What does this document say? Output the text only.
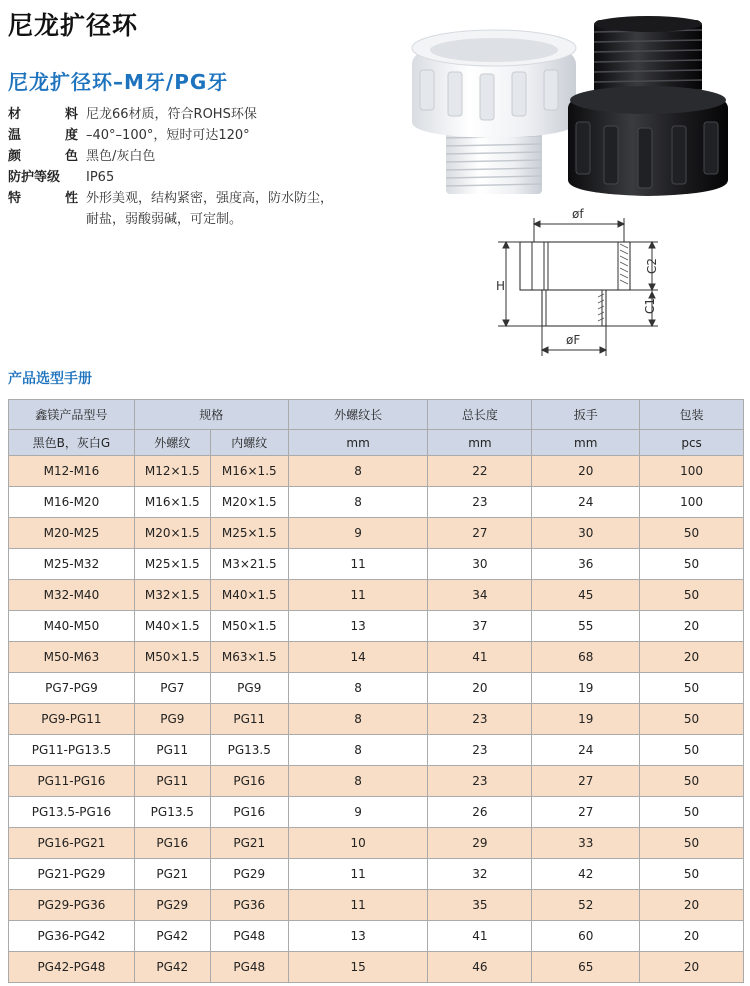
尼龙扩径环
尼龙扩径环–M牙/PG牙
材料 尼龙66材质，符合ROHS环保
温度 –40°–100°，短时可达120°
颜色 黑色/灰白色
防护等级	IP65
特性 外形美观，结构紧密，强度高，防水防尘，
耐盐，弱酸弱碱，可定制。	øf
H
C2
C1
øF
产品选型手册
鑫镁产品型号	规格		外螺纹长	总长度	扳手	包装
黑色B，灰白G	外螺纹	内螺纹	mm	mm	mm	pcs
M12-M16	M12×1.5	M16×1.5	8	22	20	100
M16-M20	M16×1.5	M20×1.5	8	23	24	100
M20-M25	M20×1.5	M25×1.5	9	27	30	50
M25-M32	M25×1.5	M3×21.5	11	30	36	50
M32-M40	M32×1.5	M40×1.5	11	34	45	50
M40-M50	M40×1.5	M50×1.5	13	37	55	20
M50-M63	M50×1.5	M63×1.5	14	41	68	20
PG7-PG9	PG7	PG9	8	20	19	50
PG9-PG11	PG9	PG11	8	23	19	50
PG11-PG13.5	PG11	PG13.5	8	23	24	50
PG11-PG16	PG11	PG16	8	23	27	50
PG13.5-PG16	PG13.5	PG16	9	26	27	50
PG16-PG21	PG16	PG21	10	29	33	50
PG21-PG29	PG21	PG29	11	32	42	50
PG29-PG36	PG29	PG36	11	35	52	20
PG36-PG42	PG42	PG48	13	41	60	20
PG42-PG48	PG42	PG48	15	46	65	20
